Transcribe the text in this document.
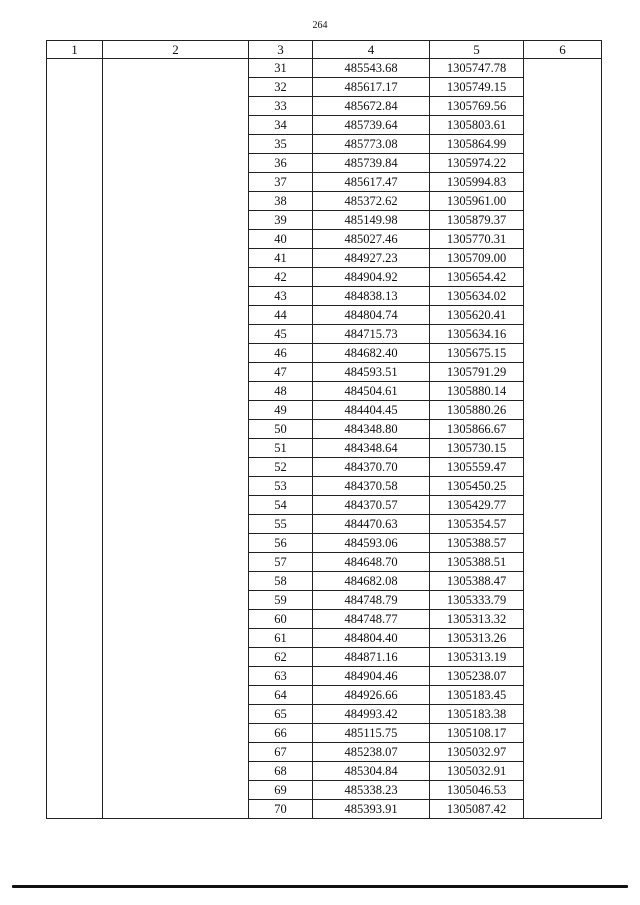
264
1	2	3	4	5	6
		31	485543.68	1305747.78	
		32	485617.17	1305749.15	
		33	485672.84	1305769.56	
		34	485739.64	1305803.61	
		35	485773.08	1305864.99	
		36	485739.84	1305974.22	
		37	485617.47	1305994.83	
		38	485372.62	1305961.00	
		39	485149.98	1305879.37	
		40	485027.46	1305770.31	
		41	484927.23	1305709.00	
		42	484904.92	1305654.42	
		43	484838.13	1305634.02	
		44	484804.74	1305620.41	
		45	484715.73	1305634.16	
		46	484682.40	1305675.15	
		47	484593.51	1305791.29	
		48	484504.61	1305880.14	
		49	484404.45	1305880.26	
		50	484348.80	1305866.67	
		51	484348.64	1305730.15	
		52	484370.70	1305559.47	
		53	484370.58	1305450.25	
		54	484370.57	1305429.77	
		55	484470.63	1305354.57	
		56	484593.06	1305388.57	
		57	484648.70	1305388.51	
		58	484682.08	1305388.47	
		59	484748.79	1305333.79	
		60	484748.77	1305313.32	
		61	484804.40	1305313.26	
		62	484871.16	1305313.19	
		63	484904.46	1305238.07	
		64	484926.66	1305183.45	
		65	484993.42	1305183.38	
		66	485115.75	1305108.17	
		67	485238.07	1305032.97	
		68	485304.84	1305032.91	
		69	485338.23	1305046.53	
		70	485393.91	1305087.42	
